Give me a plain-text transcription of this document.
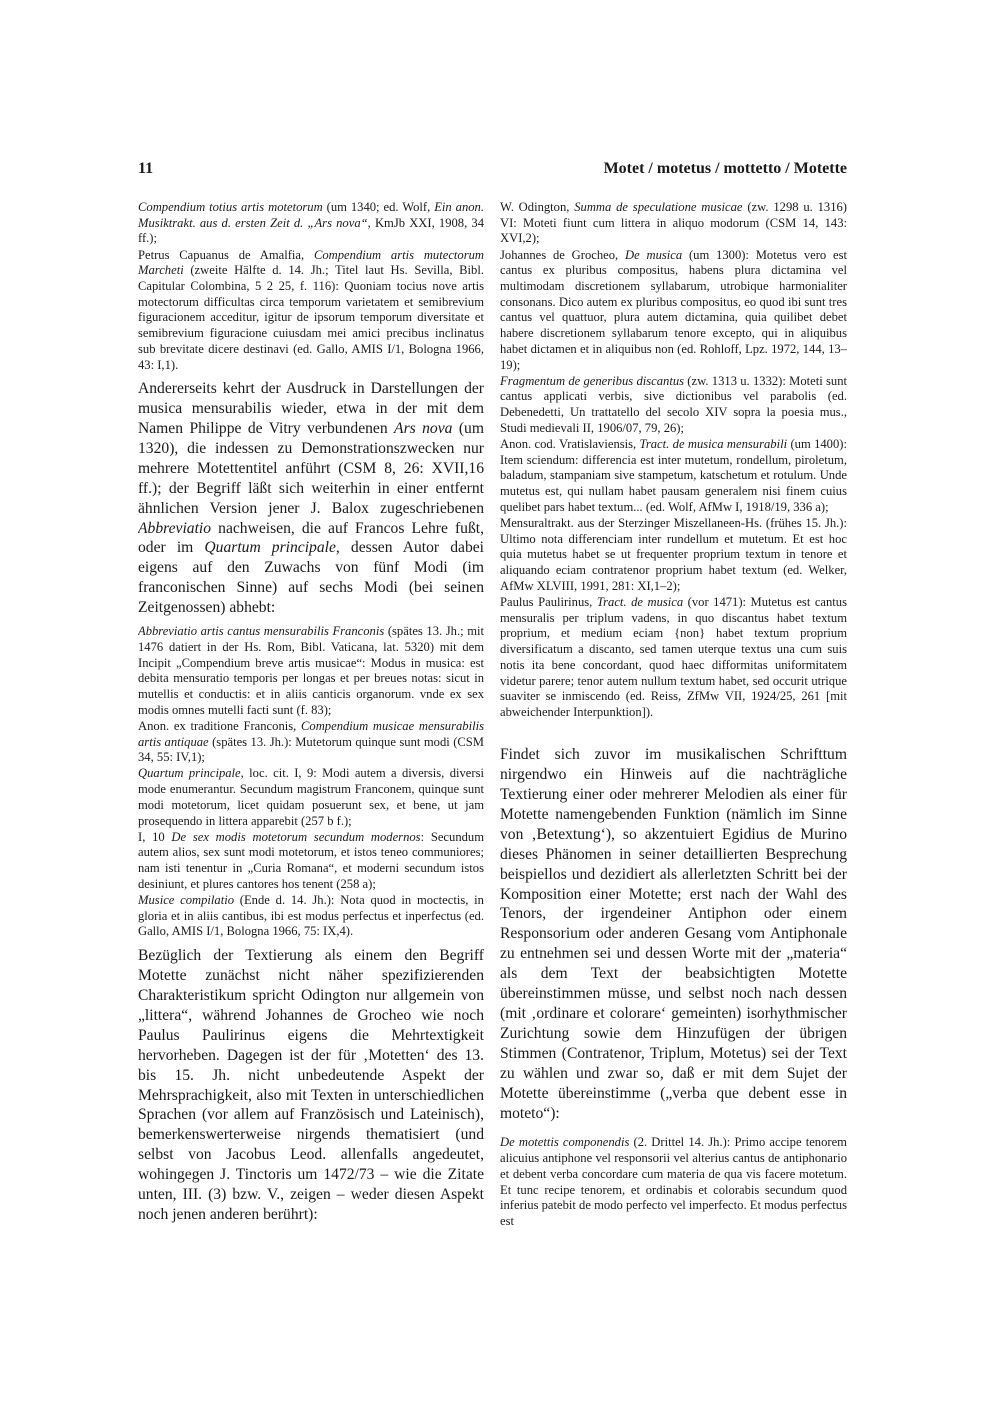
11	Motet / motetus / mottetto / Motette

Compendium totius artis motetorum (um 1340; ed. Wolf, Ein anon. Musiktrakt. aus d. ersten Zeit d. „Ars nova“, KmJb XXI, 1908, 34 ff.);

Petrus Capuanus de Amalfia, Compendium artis mutectorum Marcheti (zweite Hälfte d. 14. Jh.; Titel laut Hs. Sevilla, Bibl. Capitular Colombina, 5 2 25, f. 116): Quoniam tocius nove artis motectorum difficultas circa temporum varietatem et semibrevium figuracionem acceditur, igitur de ipsorum temporum diversitate et semibrevium figuracione cuiusdam mei amici precibus inclinatus sub brevitate dicere destinavi (ed. Gallo, AMIS I/1, Bologna 1966, 43: I,1).

Andererseits kehrt der Ausdruck in Darstellungen der musica mensurabilis wieder, etwa in der mit dem Namen Philippe de Vitry verbundenen Ars nova (um 1320), die indessen zu Demonstrationszwecken nur mehrere Motettentitel anführt (CSM 8, 26: XVII,16 ff.); der Begriff läßt sich weiterhin in einer entfernt ähnlichen Version jener J. Balox zugeschriebenen Abbreviatio nachweisen, die auf Francos Lehre fußt, oder im Quartum principale, dessen Autor dabei eigens auf den Zuwachs von fünf Modi (im franconischen Sinne) auf sechs Modi (bei seinen Zeitgenossen) abhebt:

Abbreviatio artis cantus mensurabilis Franconis (spätes 13. Jh.; mit 1476 datiert in der Hs. Rom, Bibl. Vaticana, lat. 5320) mit dem Incipit „Compendium breve artis musicae“: Modus in musica: est debita mensuratio temporis per longas et per breues notas: sicut in mutellis et conductis: et in aliis canticis organorum. vnde ex sex modis omnes mutelli facti sunt (f. 83);

Anon. ex traditione Franconis, Compendium musicae mensurabilis artis antiquae (spätes 13. Jh.): Mutetorum quinque sunt modi (CSM 34, 55: IV,1);

Quartum principale, loc. cit. I, 9: Modi autem a diversis, diversi mode enumerantur. Secundum magistrum Franconem, quinque sunt modi motetorum, licet quidam posuerunt sex, et bene, ut jam prosequendo in littera apparebit (257 b f.);

I, 10 De sex modis motetorum secundum modernos: Secundum autem alios, sex sunt modi motetorum, et istos teneo communiores; nam isti tenentur in „Curia Romana“, et moderni secundum istos desiniunt, et plures cantores hos tenent (258 a);

Musice compilatio (Ende d. 14. Jh.): Nota quod in moctectis, in gloria et in aliis cantibus, ibi est modus perfectus et inperfectus (ed. Gallo, AMIS I/1, Bologna 1966, 75: IX,4).

Bezüglich der Textierung als einem den Begriff Motette zunächst nicht näher spezifizierenden Charakteristikum spricht Odington nur allgemein von „littera“, während Johannes de Grocheo wie noch Paulus Paulirinus eigens die Mehrtextigkeit hervorheben. Dagegen ist der für ‚Motetten‘ des 13. bis 15. Jh. nicht unbedeutende Aspekt der Mehrsprachigkeit, also mit Texten in unterschiedlichen Sprachen (vor allem auf Französisch und Lateinisch), bemerkenswerterweise nirgends thematisiert (und selbst von Jacobus Leod. allenfalls angedeutet, wohingegen J. Tinctoris um 1472/73 – wie die Zitate unten, III. (3) bzw. V., zeigen – weder diesen Aspekt noch jenen anderen berührt):

W. Odington, Summa de speculatione musicae (zw. 1298 u. 1316) VI: Moteti fiunt cum littera in aliquo modorum (CSM 14, 143: XVI,2);

Johannes de Grocheo, De musica (um 1300): Motetus vero est cantus ex pluribus compositus, habens plura dictamina vel multimodam discretionem syllabarum, utrobique harmonialiter consonans. Dico autem ex pluribus compositus, eo quod ibi sunt tres cantus vel quattuor, plura autem dictamina, quia quilibet debet habere discretionem syllabarum tenore excepto, qui in aliquibus habet dictamen et in aliquibus non (ed. Rohloff, Lpz. 1972, 144, 13–19);

Fragmentum de generibus discantus (zw. 1313 u. 1332): Moteti sunt cantus applicati verbis, sive dictionibus vel parabolis (ed. Debenedetti, Un trattatello del secolo XIV sopra la poesia mus., Studi medievali II, 1906/07, 79, 26);

Anon. cod. Vratislaviensis, Tract. de musica mensurabili (um 1400): Item sciendum: differencia est inter mutetum, rondellum, piroletum, baladum, stampaniam sive stampetum, katschetum et rotulum. Unde mutetus est, qui nullam habet pausam generalem nisi finem cuius quelibet pars habet textum... (ed. Wolf, AfMw I, 1918/19, 336 a);

Mensuraltrakt. aus der Sterzinger Miszellaneen-Hs. (frühes 15. Jh.): Ultimo nota differenciam inter rundellum et mutetum. Et est hoc quia mutetus habet se ut frequenter proprium textum in tenore et aliquando eciam contratenor proprium habet textum (ed. Welker, AfMw XLVIII, 1991, 281: XI,1–2);

Paulus Paulirinus, Tract. de musica (vor 1471): Mutetus est cantus mensuralis per triplum vadens, in quo discantus habet textum proprium, et medium eciam {non} habet textum proprium diversificatum a discanto, sed tamen uterque textus una cum suis notis ita bene concordant, quod haec difformitas uniformitatem videtur parere; tenor autem nullum textum habet, sed occurit utrique suaviter se inmiscendo (ed. Reiss, ZfMw VII, 1924/25, 261 [mit abweichender Interpunktion]).

Findet sich zuvor im musikalischen Schrifttum nirgendwo ein Hinweis auf die nachträgliche Textierung einer oder mehrerer Melodien als einer für Motette namengebenden Funktion (nämlich im Sinne von ‚Betextung‘), so akzentuiert Egidius de Murino dieses Phänomen in seiner detaillierten Besprechung beispiellos und dezidiert als allerletzten Schritt bei der Komposition einer Motette; erst nach der Wahl des Tenors, der irgendeiner Antiphon oder einem Responsorium oder anderen Gesang vom Antiphonale zu entnehmen sei und dessen Worte mit der „materia“ als dem Text der beabsichtigten Motette übereinstimmen müsse, und selbst noch nach dessen (mit ‚ordinare et colorare‘ gemeinten) isorhythmischer Zurichtung sowie dem Hinzufügen der übrigen Stimmen (Contratenor, Triplum, Motetus) sei der Text zu wählen und zwar so, daß er mit dem Sujet der Motette übereinstimme („verba que debent esse in moteto“):

De motettis componendis (2. Drittel 14. Jh.): Primo accipe tenorem alicuius antiphone vel responsorii vel alterius cantus de antiphonario et debent verba concordare cum materia de qua vis facere motetum. Et tunc recipe tenorem, et ordinabis et colorabis secundum quod inferius patebit de modo perfecto vel imperfecto. Et modus perfectus est
